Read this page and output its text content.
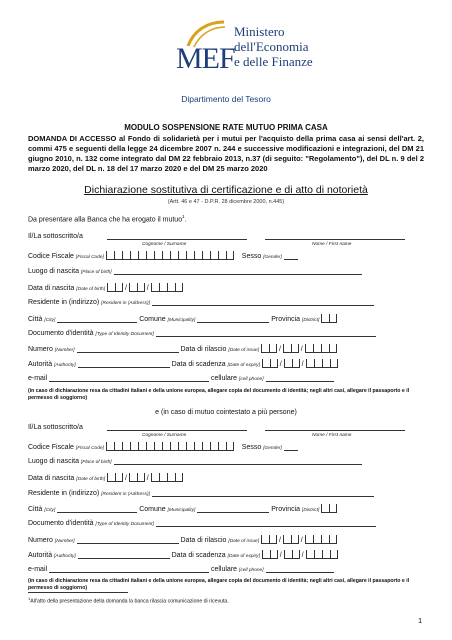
MEF
Ministero
dell'Economia
e delle Finanze
Dipartimento del Tesoro
MODULO SOSPENSIONE RATE MUTUO PRIMA CASA
DOMANDA DI ACCESSO al Fondo di solidarietà per i mutui per l'acquisto della prima casa ai sensi dell'art. 2, commi 475 e seguenti della legge 24 dicembre 2007 n. 244 e successive modificazioni e integrazioni, del DM 21 giugno 2010, n. 132 come integrato dal DM 22 febbraio 2013, n.37 (di seguito: "Regolamento"), del DL n. 9 del 2 marzo 2020, del DL n. 18 del 17 marzo 2020 e del DM 25 marzo 2020
Dichiarazione sostitutiva di certificazione e di atto di notorietà
(Artt. 46 e 47 - D.P.R. 28 dicembre 2000, n.445)
Da presentare alla Banca che ha erogato il mutuo$^1$.
Il/La sottoscritto/a
Cognome / Surname	Nome / First name
Codice Fiscale [Fiscal Code]	Sesso [Gender]
Luogo di nascita [Place of birth]
Data di nascita [Date of birth]	/  /
Residente in (indirizzo) [Resident in (Address)]
Città [City]	Comune [Municipality]	Provincia [District]
Documento d'identità [Type of Identity Document]
Numero [Number]	Data di rilascio [Date of issue]	/  /
Autorità [Authority]	Data di scadenza [Date of expiry]	/  /
e-mail	cellulare [cell phone]
(in caso di dichiarazione resa da cittadini italiani e della unione europea, allegare copia del documento di identità; negli altri casi, allegare il passaporto e il permesso di soggiorno)
e (in caso di mutuo cointestato a più persone)
Il/La sottoscritto/a
Cognome / Surname	Nome / First name
Codice Fiscale [Fiscal Code]	Sesso [Gender]
Luogo di nascita [Place of birth]
Data di nascita [Date of birth]	/  /
Residente in (indirizzo) [Resident in (Address)]
Città [City]	Comune [Municipality]	Provincia [District]
Documento d'identità [Type of Identity Document]
Numero [Number]	Data di rilascio [Date of issue]	/  /
Autorità [Authority]	Data di scadenza [Date of expiry]	/  /
e-mail	cellulare [cell phone]
(in caso di dichiarazione resa da cittadini italiani e della unione europea, allegare copia del documento di identità; negli altri casi, allegare il passaporto e il permesso di soggiorno)
$^1$All'atto della presentazione della domanda la banca rilascia comunicazione di ricevuta.
1
